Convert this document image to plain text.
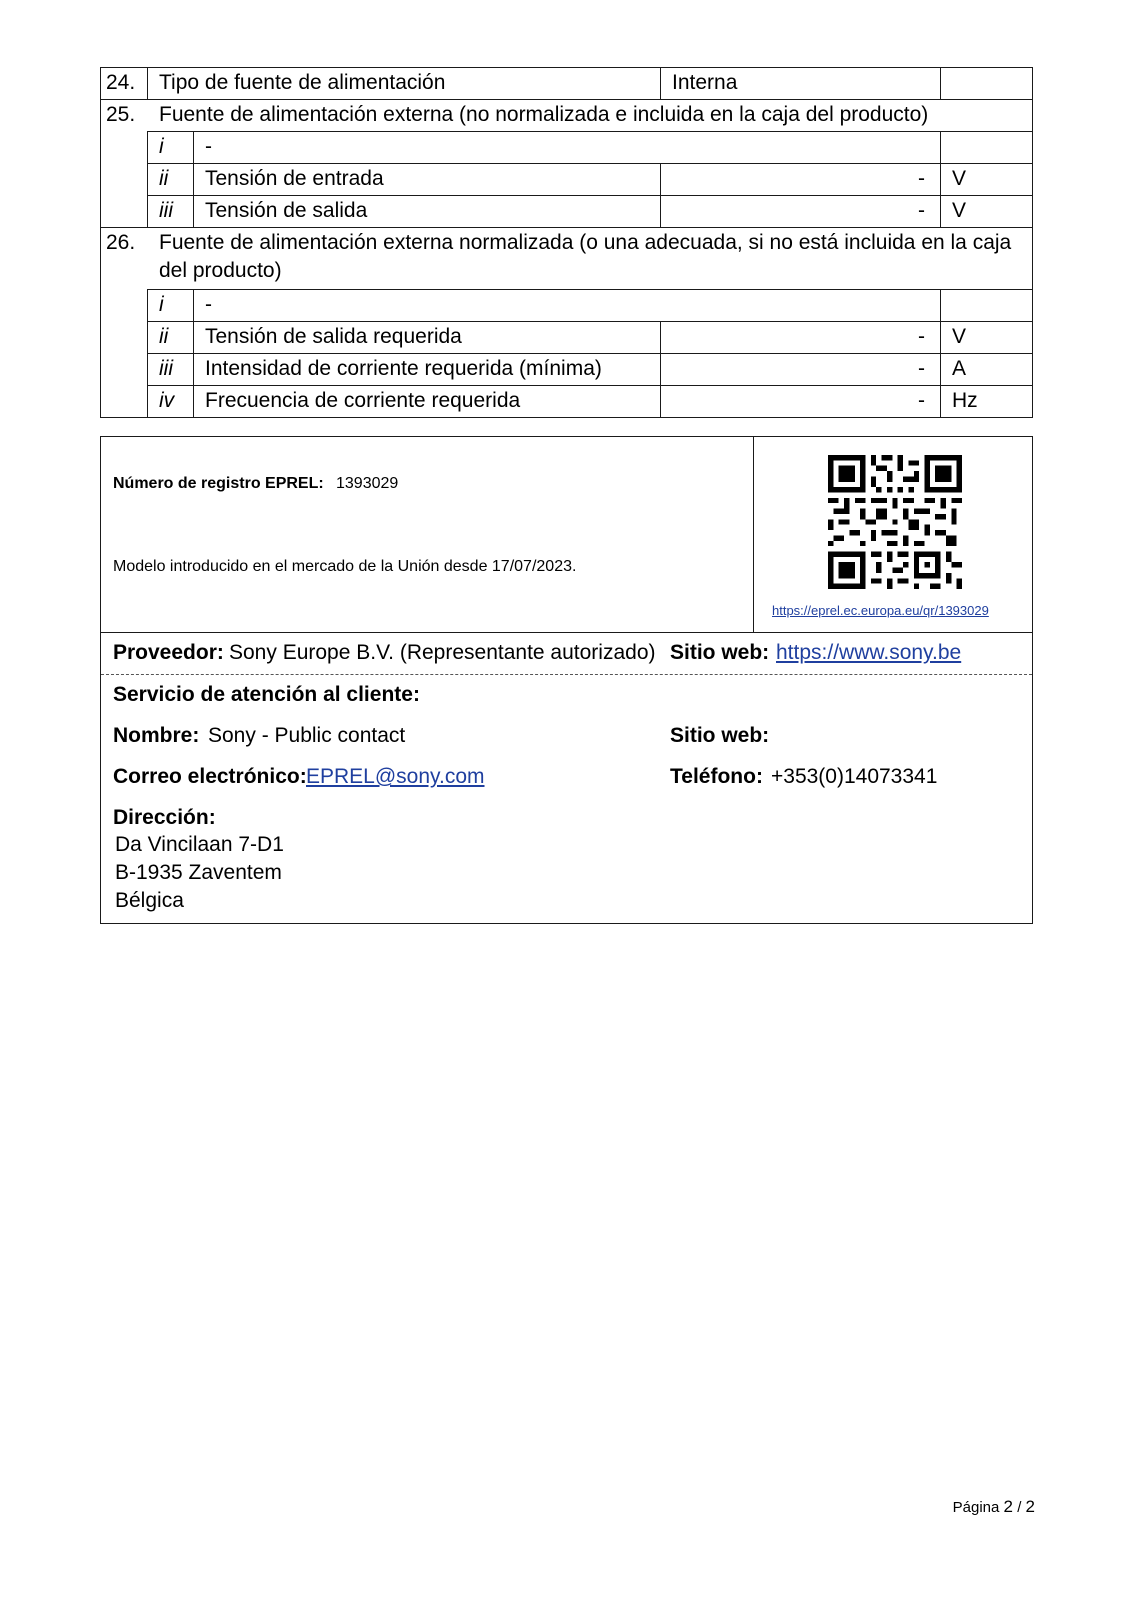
24. Tipo de fuente de alimentación	Interna
25. Fuente de alimentación externa (no normalizada e incluida en la caja del producto)
i -
ii Tensión de entrada	- V
iii Tensión de salida	- V
26. Fuente de alimentación externa normalizada (o una adecuada, si no está incluida en la caja
del producto)
i -
ii Tensión de salida requerida	- V
iii Intensidad de corriente requerida (mínima)	- A
iv Frecuencia de corriente requerida	- Hz
Número de registro EPREL: 1393029
Modelo introducido en el mercado de la Unión desde 17/07/2023.
https://eprel.ec.europa.eu/qr/1393029
Proveedor: Sony Europe B.V. (Representante autorizado) Sitio web: https://www.sony.be
Servicio de atención al cliente:
Nombre: Sony - Public contact	Sitio web:
Correo electrónico: EPREL@sony.com	Teléfono: +353(0)14073341
Dirección:
Da Vincilaan 7-D1
B-1935 Zaventem
Bélgica
Página 2 / 2
